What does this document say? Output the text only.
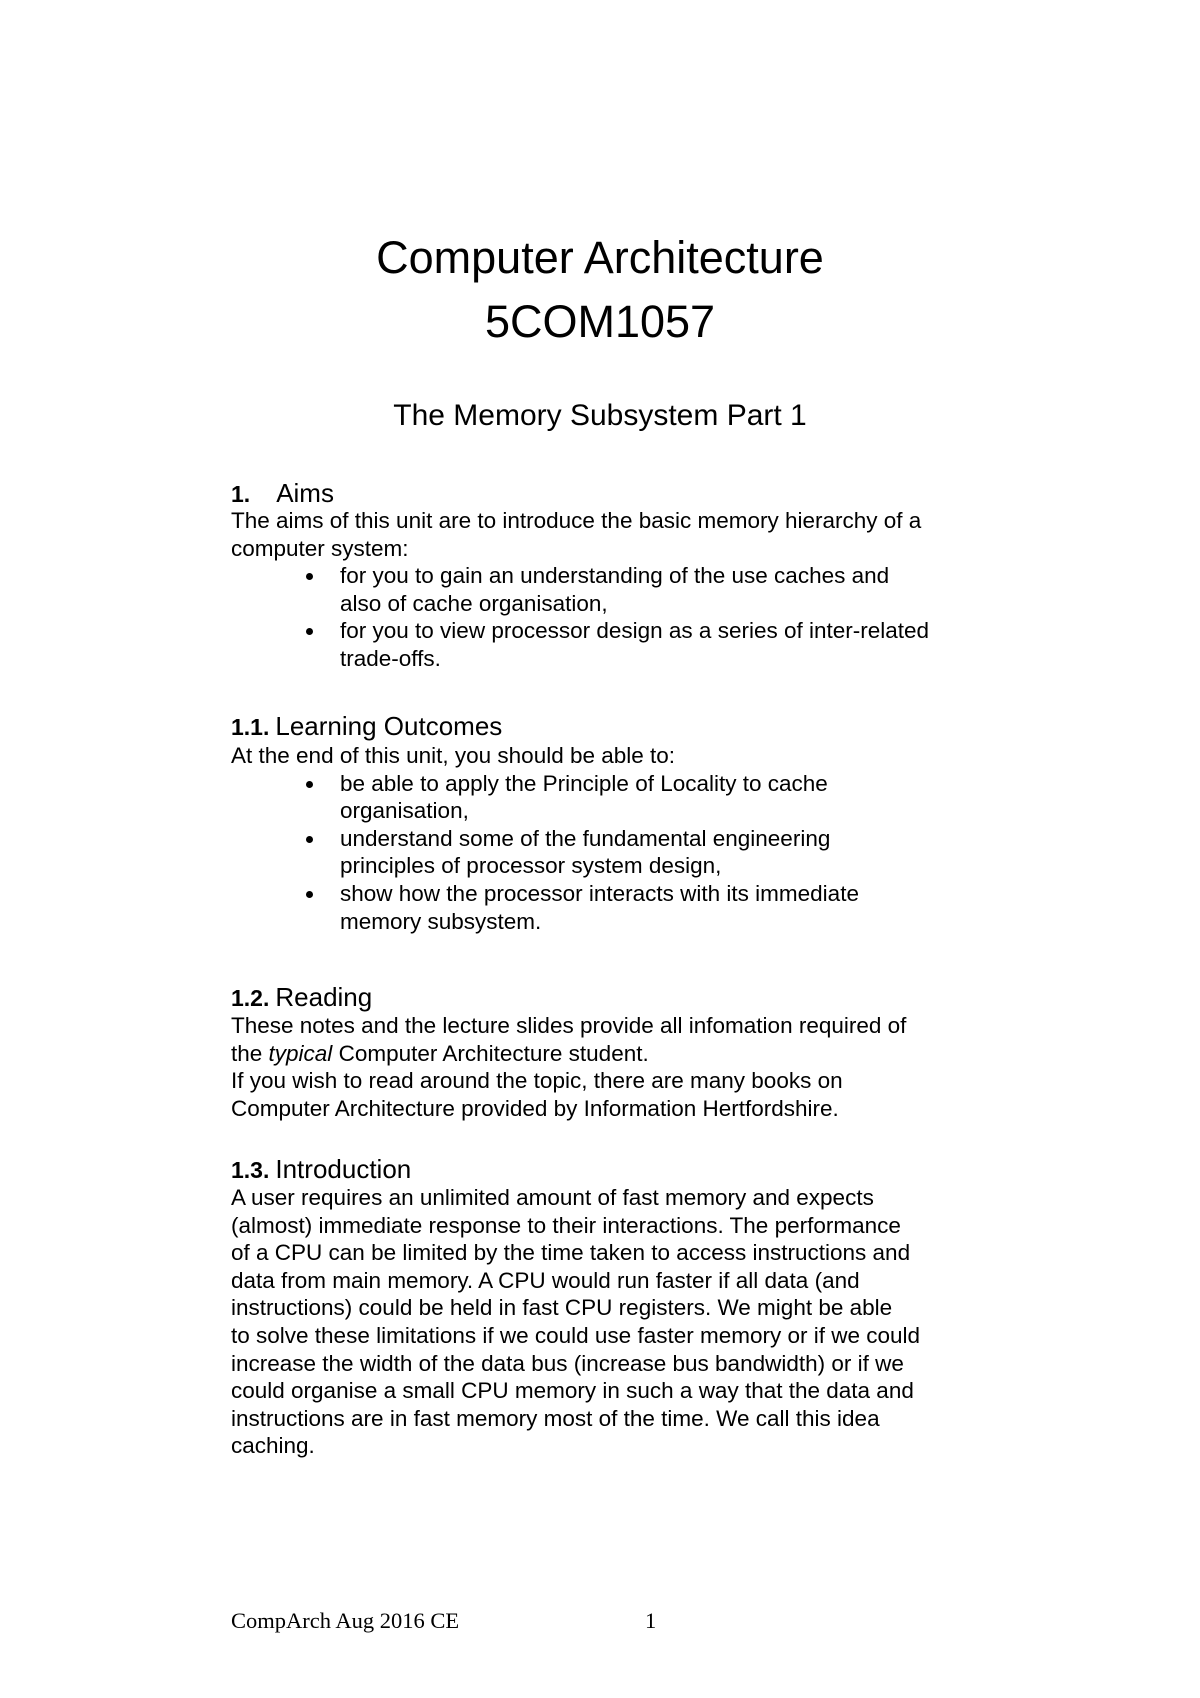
Computer Architecture
5COM1057
The Memory Subsystem Part 1
1. Aims

The aims of this unit are to introduce the basic memory hierarchy of a

computer system:

for you to gain an understanding of the use caches and
also of cache organisation,
for you to view processor design as a series of inter-related
trade-offs.
1.1. Learning Outcomes

At the end of this unit, you should be able to:

be able to apply the Principle of Locality to cache
organisation,
understand some of the fundamental engineering
principles of processor system design,
show how the processor interacts with its immediate
memory subsystem.
1.2. Reading

These notes and the lecture slides provide all infomation required of

the typical Computer Architecture student.

If you wish to read around the topic, there are many books on

Computer Architecture provided by Information Hertfordshire.

1.3. Introduction

A user requires an unlimited amount of fast memory and expects

(almost) immediate response to their interactions. The performance

of a CPU can be limited by the time taken to access instructions and

data from main memory. A CPU would run faster if all data (and

instructions) could be held in fast CPU registers. We might be able

to solve these limitations if we could use faster memory or if we could

increase the width of the data bus (increase bus bandwidth) or if we

could organise a small CPU memory in such a way that the data and

instructions are in fast memory most of the time. We call this idea

caching.

CompArch Aug 2016 CE	1
